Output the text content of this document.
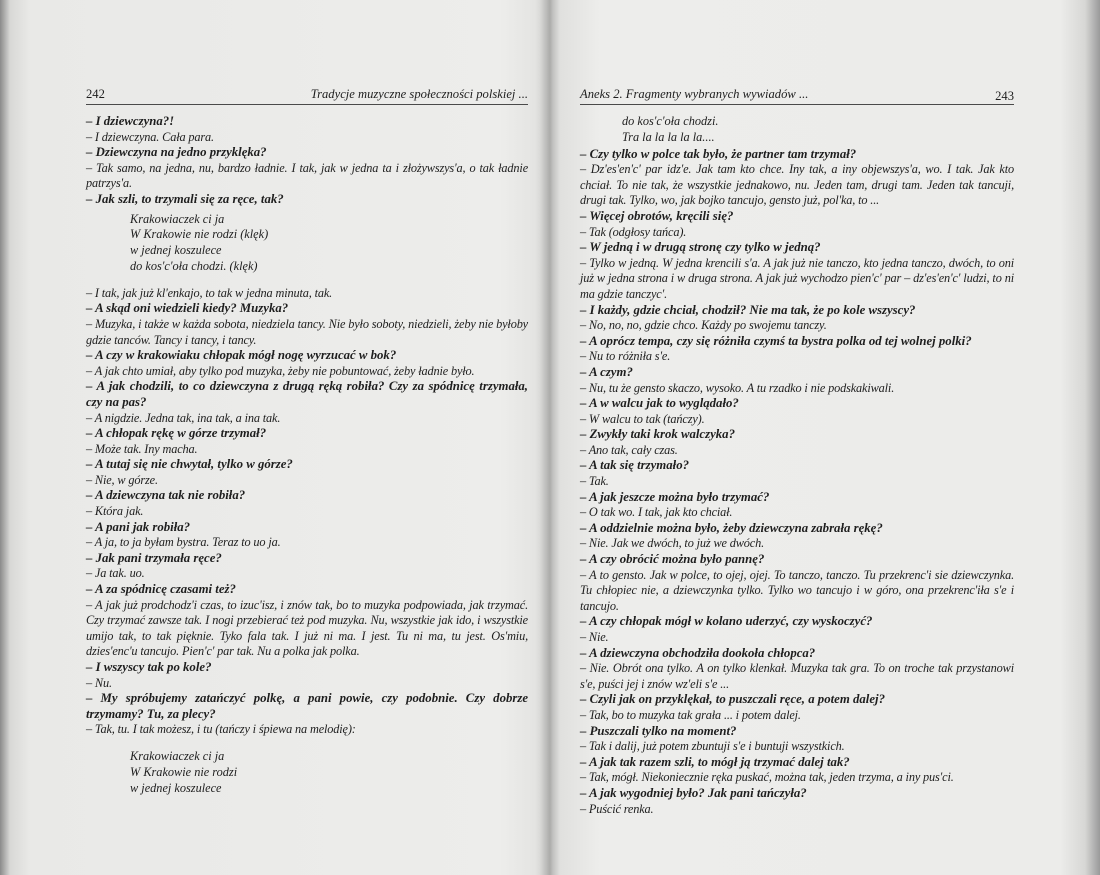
242	Tradycje muzyczne społeczności polskiej ...

– I dziewczyna?!

– I dziewczyna. Cała para.

– Dziewczyna na jedno przyklęka?

– Tak samo, na jedna, nu, bardzo ładnie. I tak, jak w jedna ta i złożywszys'a, o tak ładnie patrzys'a.

– Jak szli, to trzymali się za ręce, tak?

Krakowiaczek ci ja

W Krakowie nie rodzi (klęk)

w jednej koszulece

do kos'c'oła chodzi. (klęk)

– I tak, jak już kl'enkajo, to tak w jedna minuta, tak.

– A skąd oni wiedzieli kiedy? Muzyka?

– Muzyka, i także w każda sobota, niedziela tancy. Nie było soboty, niedzieli, żeby nie byłoby gdzie tanców. Tancy i tancy, i tancy.

– A czy w krakowiaku chłopak mógł nogę wyrzucać w bok?

– A jak chto umiał, aby tylko pod muzyka, żeby nie pobuntować, żeby ładnie było.

– A jak chodzili, to co dziewczyna z drugą ręką robiła? Czy za spódnicę trzymała, czy na pas?

– A nigdzie. Jedna tak, ina tak, a ina tak.

– A chłopak rękę w górze trzymał?

– Może tak. Iny macha.

– A tutaj się nie chwytał, tylko w górze?

– Nie, w górze.

– A dziewczyna tak nie robiła?

– Która jak.

– A pani jak robiła?

– A ja, to ja byłam bystra. Teraz to uo ja.

– Jak pani trzymała ręce?

– Ja tak. uo.

– A za spódnicę czasami też?

– A jak już prodchodz'i czas, to izuc'isz, i znów tak, bo to muzyka podpowiada, jak trzymać. Czy trzymać zawsze tak. I nogi przebierać też pod muzyka. Nu, wszystkie jak ido, i wszystkie umijo tak, to tak pięknie. Tyko fala tak. I już ni ma. I jest. Tu ni ma, tu jest. Os'miu, dzies'enc'u tancujo. Pien'c' par tak. Nu a polka jak polka.

– I wszyscy tak po kole?

– Nu.

– My spróbujemy zatańczyć polkę, a pani powie, czy podobnie. Czy dobrze trzymamy? Tu, za plecy?

– Tak, tu. I tak możesz, i tu (tańczy i śpiewa na melodię):

Krakowiaczek ci ja

W Krakowie nie rodzi

w jednej koszulece

Aneks 2. Fragmenty wybranych wywiadów ...	243

do kos'c'oła chodzi.

Tra la la la la la....

– Czy tylko w polce tak było, że partner tam trzymał?

– Dz'es'en'c' par idz'e. Jak tam kto chce. Iny tak, a iny objewszys'a, wo. I tak. Jak kto chciał. To nie tak, że wszystkie jednakowo, nu. Jeden tam, drugi tam. Jeden tak tancuji, drugi tak. Tylko, wo, jak bojko tancujo, gensto już, pol'ka, to ...

– Więcej obrotów, kręcili się?

– Tak (odgłosy tańca).

– W jedną i w drugą stronę czy tylko w jedną?

– Tylko w jedną. W jedna krencili s'a. A jak już nie tanczo, kto jedna tanczo, dwóch, to oni już w jedna strona i w druga strona. A jak już wychodzo pien'c' par – dz'es'en'c' ludzi, to ni ma gdzie tanczyc'.

– I każdy, gdzie chciał, chodził? Nie ma tak, że po kole wszyscy?

– No, no, no, gdzie chco. Każdy po swojemu tanczy.

– A oprócz tempa, czy się różniła czymś ta bystra polka od tej wolnej polki?

– Nu to różniła s'e.

– A czym?

– Nu, tu że gensto skaczo, wysoko. A tu rzadko i nie podskakiwali.

– A w walcu jak to wyglądało?

– W walcu to tak (tańczy).

– Zwykły taki krok walczyka?

– Ano tak, cały czas.

– A tak się trzymało?

– Tak.

– A jak jeszcze można było trzymać?

– O tak wo. I tak, jak kto chciał.

– A oddzielnie można było, żeby dziewczyna zabrała rękę?

– Nie. Jak we dwóch, to już we dwóch.

– A czy obrócić można było pannę?

– A to gensto. Jak w polce, to ojej, ojej. To tanczo, tanczo. Tu przekrenc'i sie dziewczynka. Tu chłopiec nie, a dziewczynka tylko. Tylko wo tancujo i w góro, ona przekrenc'iła s'e i tancujo.

– A czy chłopak mógł w kolano uderzyć, czy wyskoczyć?

– Nie.

– A dziewczyna obchodziła dookoła chłopca?

– Nie. Obrót ona tylko. A on tylko klenkał. Muzyka tak gra. To on troche tak przystanowi s'e, puści jej i znów wz'eli s'e ...

– Czyli jak on przyklękał, to puszczali ręce, a potem dalej?

– Tak, bo to muzyka tak grała ... i potem dalej.

– Puszczali tylko na moment?

– Tak i dalij, już potem zbuntuji s'e i buntuji wszystkich.

– A jak tak razem szli, to mógł ją trzymać dalej tak?

– Tak, mógł. Niekoniecznie ręka puskać, można tak, jeden trzyma, a iny pus'ci.

– A jak wygodniej było? Jak pani tańczyła?

– Puścić renka.
